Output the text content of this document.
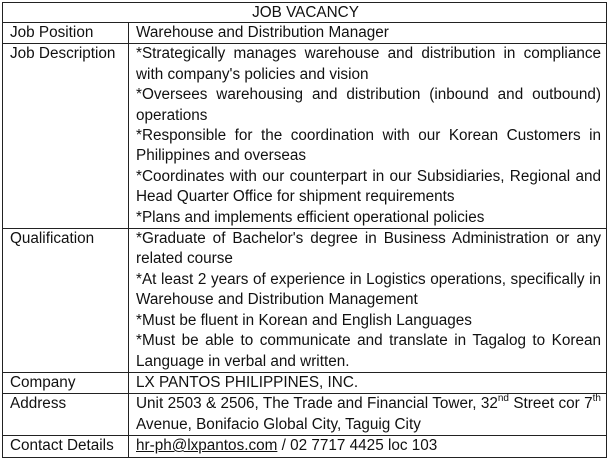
JOB VACANCY	
Job Position	Warehouse and Distribution Manager
Job Description	*Strategically manages warehouse and distribution in compliance with company's policies and vision
*Oversees warehousing and distribution (inbound and outbound) operations
*Responsible for the coordination with our Korean Customers in Philippines and overseas
*Coordinates with our counterpart in our Subsidiaries, Regional and Head Quarter Office for shipment requirements
*Plans and implements efficient operational policies

Qualification	*Graduate of Bachelor's degree in Business Administration or any related course
*At least 2 years of experience in Logistics operations, specifically in Warehouse and Distribution Management
*Must be fluent in Korean and English Languages
*Must be able to communicate and translate in Tagalog to Korean Language in verbal and written.

Company	LX PANTOS PHILIPPINES, INC.
Address	Unit 2503 & 2506, The Trade and Financial Tower, 32nd Street cor 7th Avenue, Bonifacio Global City, Taguig City
Contact Details	hr-ph@lxpantos.com / 02 7717 4425 loc 103
